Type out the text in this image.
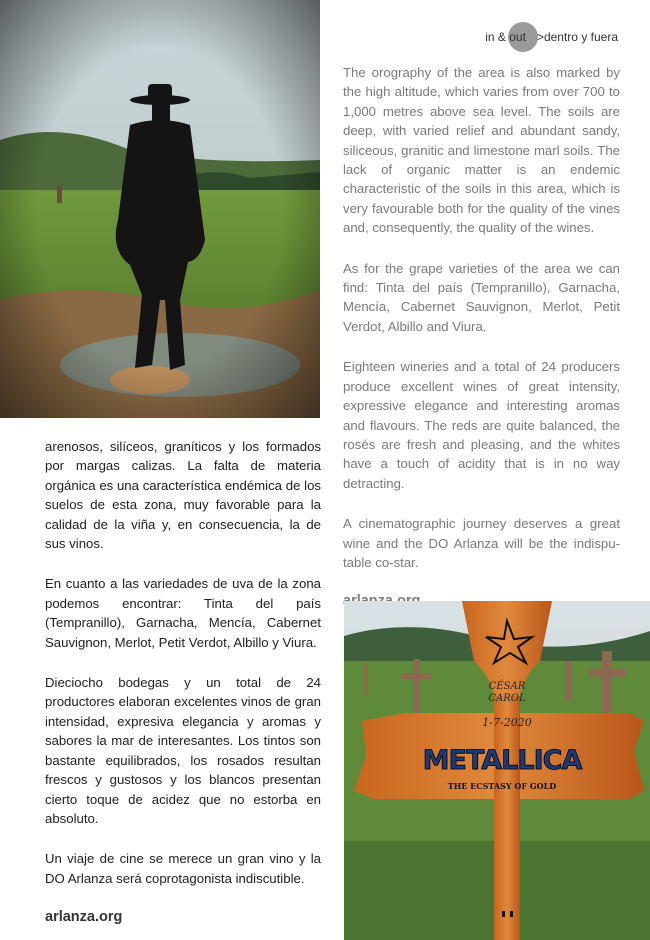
in & out > dentro y fuera

The orography of the area is also marked by the high altitude, which varies from over 700 to 1,000 metres above sea level. The soils are deep, with varied relief and abundant sandy, siliceous, granitic and limestone marl soils. The lack of organic matter is an endemic characteristic of the soils in this area, which is very favourable both for the quality of the vines and, consequently, the quality of the wines.

As for the grape varieties of the area we can find: Tinta del país (Tempranillo), Garnacha, Mencía, Cabernet Sauvignon, Merlot, Petit Verdot, Albillo and Viura.

Eighteen wineries and a total of 24 producers produce excellent wines of great intensity, expressive elegance and interesting aromas and flavours. The reds are quite balanced, the rosés are fresh and pleasing, and the whites have a touch of acidity that is in no way detracting.

A cinematographic journey deserves a great wine and the DO Arlanza will be the indispu-table co-star.

arenosos, silíceos, graníticos y los formados por margas calizas. La falta de materia orgánica es una característica endémica de los suelos de esta zona, muy favorable para la calidad de la viña y, en consecuencia, la de sus vinos.

En cuanto a las variedades de uva de la zona podemos encontrar: Tinta del país (Tempranillo), Garnacha, Mencía, Cabernet Sauvignon, Merlot, Petit Verdot, Albillo y Viura.

Dieciocho bodegas y un total de 24 productores elaboran excelentes vinos de gran intensidad, expresiva elegancia y aromas y sabores la mar de interesantes. Los tintos son bastante equilibrados, los rosados resultan frescos y gustosos y los blancos presentan cierto toque de acidez que no estorba en absoluto.

Un viaje de cine se merece un gran vino y la DO Arlanza será coprotagonista indiscutible.

arlanza.org

CÉSAR
CAROL
1-7-2020
METALLICA
THE ECSTASY OF GOLD
